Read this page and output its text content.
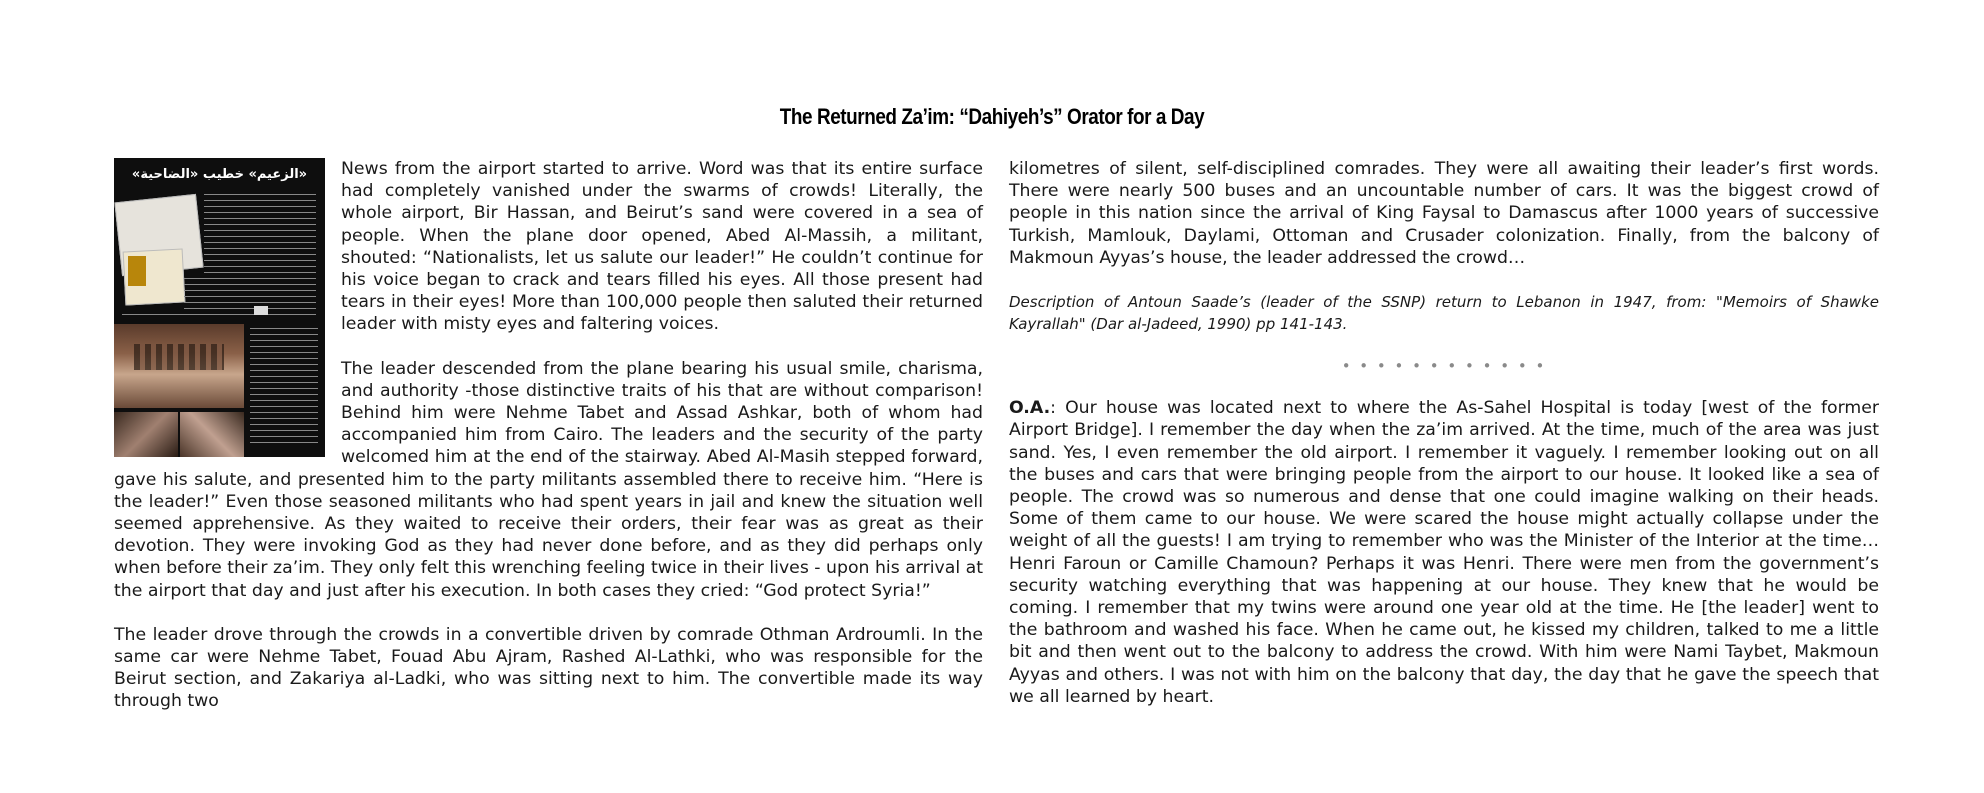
The Returned Za’im: “Dahiyeh’s” Orator for a Day
«الزعيم» خطيب «الضاحية»	News from the airport started to arrive. Word was that its entire surface had completely vanished under the swarms of crowds! Literally, the whole airport, Bir Hassan, and Beirut’s sand were covered in a sea of people. When the plane door opened, Abed Al-Massih, a militant, shouted: “Nationalists, let us salute our leader!” He couldn’t continue for his voice began to crack and tears filled his eyes. All those present had tears in their eyes! More than 100,000 people then saluted their returned leader with misty eyes and faltering voices.

The leader descended from the plane bearing his usual smile, charisma, and authority -those distinctive traits of his that are without comparison! Behind him were Nehme Tabet and Assad Ashkar, both of whom had accompanied him from Cairo. The leaders and the security of the party welcomed him at the end of the stairway. Abed Al-Masih stepped forward, gave his salute, and presented him to the party militants assembled there to receive him. “Here is the leader!” Even those seasoned militants who had spent years in jail and knew the situation well seemed apprehensive. As they waited to receive their orders, their fear was as great as their devotion. They were invoking God as they had never done before, and as they did perhaps only when before their za’im. They only felt this wrenching feeling twice in their lives - upon his arrival at the airport that day and just after his execution. In both cases they cried: “God protect Syria!”

The leader drove through the crowds in a convertible driven by comrade Othman Ardroumli. In the same car were Nehme Tabet, Fouad Abu Ajram, Rashed Al-Lathki, who was responsible for the Beirut section, and Zakariya al-Ladki, who was sitting next to him. The convertible made its way through two

kilometres of silent, self-disciplined comrades. They were all awaiting their leader’s first words. There were nearly 500 buses and an uncountable number of cars. It was the biggest crowd of people in this nation since the arrival of King Faysal to Damascus after 1000 years of successive Turkish, Mamlouk, Daylami, Ottoman and Crusader colonization. Finally, from the balcony of Makmoun Ayyas’s house, the leader addressed the crowd…

Description of Antoun Saade’s (leader of the SSNP) return to Lebanon in 1947, from: "Memoirs of Shawke Kayrallah" (Dar al-Jadeed, 1990) pp 141-143.

• • • • • • • • • • • •

O.A.: Our house was located next to where the As-Sahel Hospital is today [west of the former Airport Bridge]. I remember the day when the za’im arrived. At the time, much of the area was just sand. Yes, I even remember the old airport. I remember it vaguely. I remember looking out on all the buses and cars that were bringing people from the airport to our house. It looked like a sea of people. The crowd was so numerous and dense that one could imagine walking on their heads. Some of them came to our house. We were scared the house might actually collapse under the weight of all the guests! I am trying to remember who was the Minister of the Interior at the time…Henri Faroun or Camille Chamoun? Perhaps it was Henri. There were men from the government’s security watching everything that was happening at our house. They knew that he would be coming. I remember that my twins were around one year old at the time. He [the leader] went to the bathroom and washed his face. When he came out, he kissed my children, talked to me a little bit and then went out to the balcony to address the crowd. With him were Nami Taybet, Makmoun Ayyas and others. I was not with him on the balcony that day, the day that he gave the speech that we all learned by heart.
